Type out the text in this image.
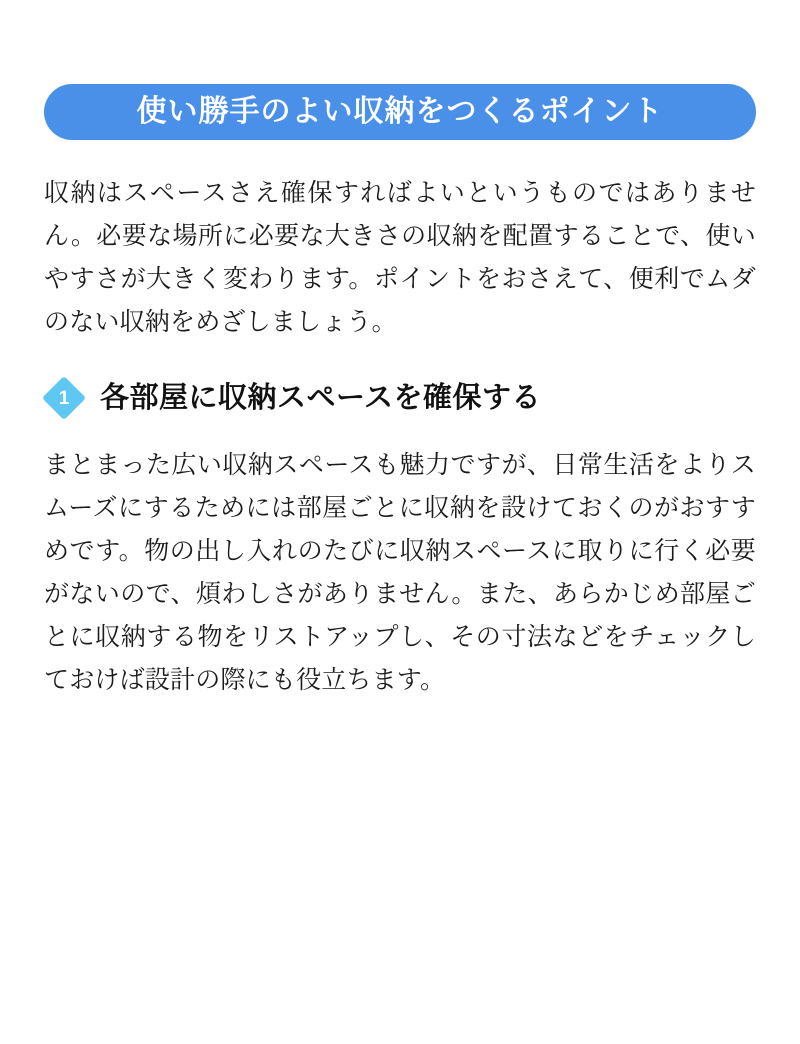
使い勝手のよい収納をつくるポイント

収納はスペースさえ確保すればよいというものではありません。必要な場所に必要な大きさの収納を配置することで、使いやすさが大きく変わります。ポイントをおさえて、便利でムダのない収納をめざしましょう。

1	各部屋に収納スペースを確保する

まとまった広い収納スペースも魅力ですが、日常生活をよりスムーズにするためには部屋ごとに収納を設けておくのがおすすめです。物の出し入れのたびに収納スペースに取りに行く必要がないので、煩わしさがありません。また、あらかじめ部屋ごとに収納する物をリストアップし、その寸法などをチェックしておけば設計の際にも役立ちます。
